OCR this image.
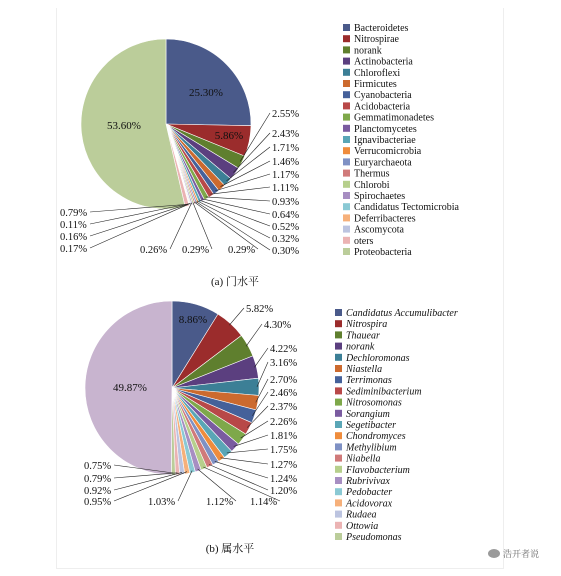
25.30%
5.86%
53.60%
2.55%
2.43%
1.71%
1.46%
1.17%
1.11%
0.93%
0.64%
0.52%
0.32%
0.30%
0.29%
0.29%
0.26%
0.17%
0.16%
0.11%
0.79%
Bacteroidetes
Nitrospirae
norank
Actinobacteria
Chloroflexi
Firmicutes
Cyanobacteria
Acidobacteria
Gemmatimonadetes
Planctomycetes
Ignavibacteriae
Verrucomicrobia
Euryarchaeota
Thermus
Chlorobi
Spirochaetes
Candidatus Tectomicrobia
Deferribacteres
Ascomycota
oters
Proteobacteria
8.86%
49.87%
5.82%
4.30%
4.22%
3.16%
2.70%
2.46%
2.37%
2.26%
1.81%
1.75%
1.27%
1.24%
1.20%
1.14%
1.12%
1.03%
0.95%
0.92%
0.79%
0.75%
Candidatus Accumulibacter
Nitrospira
Thauear
norank
Dechloromonas
Niastella
Terrimonas
Sediminibacterium
Nitrosomonas
Sorangium
Segetibacter
Chondromyces
Methylibium
Niabella
Flavobacterium
Rubrivivax
Pedobacter
Acidovorax
Rudaea
Ottowia
Pseudomonas
(a) 门水平
(b) 属水平	浩开者说
